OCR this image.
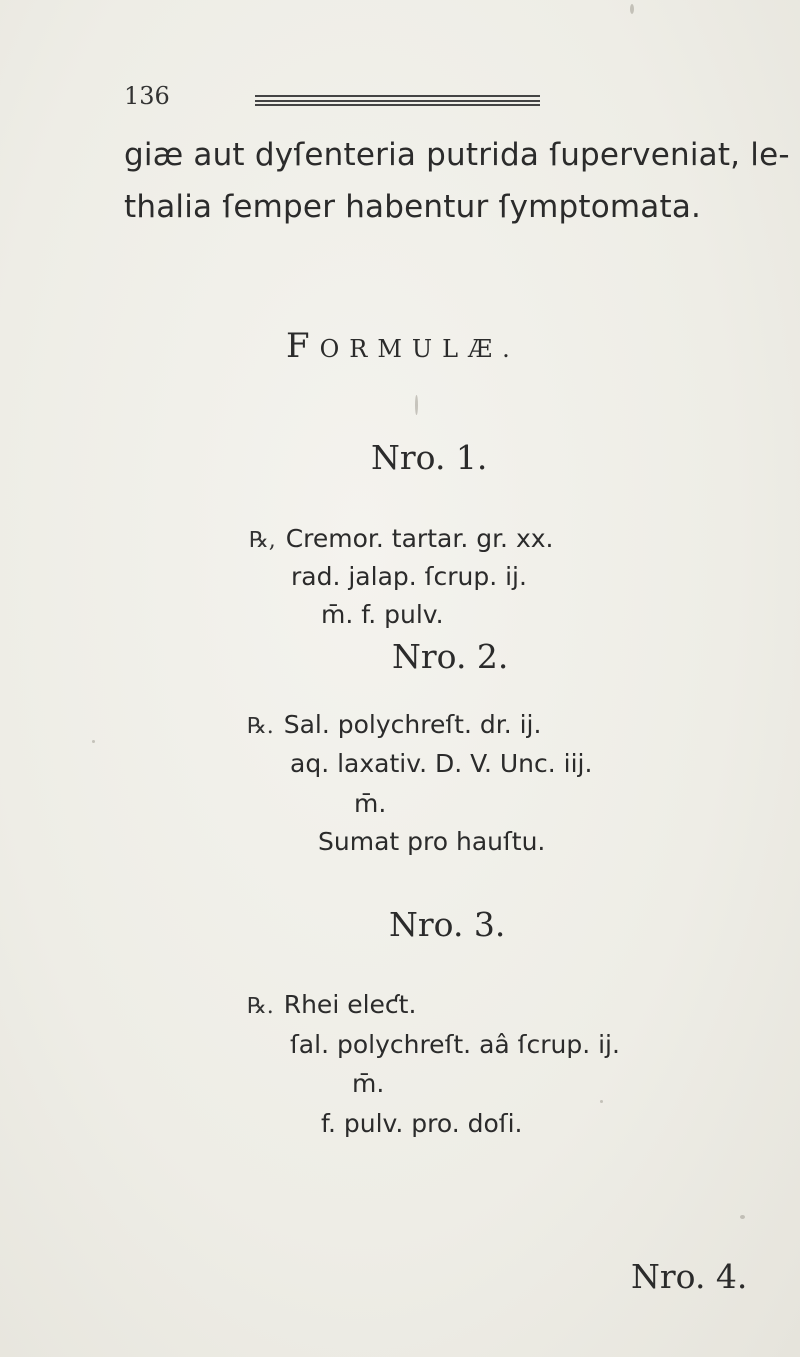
136
giæ aut dyſenteria putrida ſuperveniat, le-
thalia ſemper habentur ſymptomata.
FORMULÆ.
Nro. 1.
℞, Cremor. tartar. gr. xx.
rad. jalap. ſcrup. ij.
m̄. f. pulv.
Nro. 2.
℞. Sal. polychreſt. dr. ij.
aq. laxativ. D. V. Unc. iij.
m̄.
Sumat pro hauſtu.
Nro. 3.
℞. Rhei eleƈt.
ſal. polychreſt. aâ ſcrup. ij.
m̄.
f. pulv. pro. doſi.
Nro. 4.
